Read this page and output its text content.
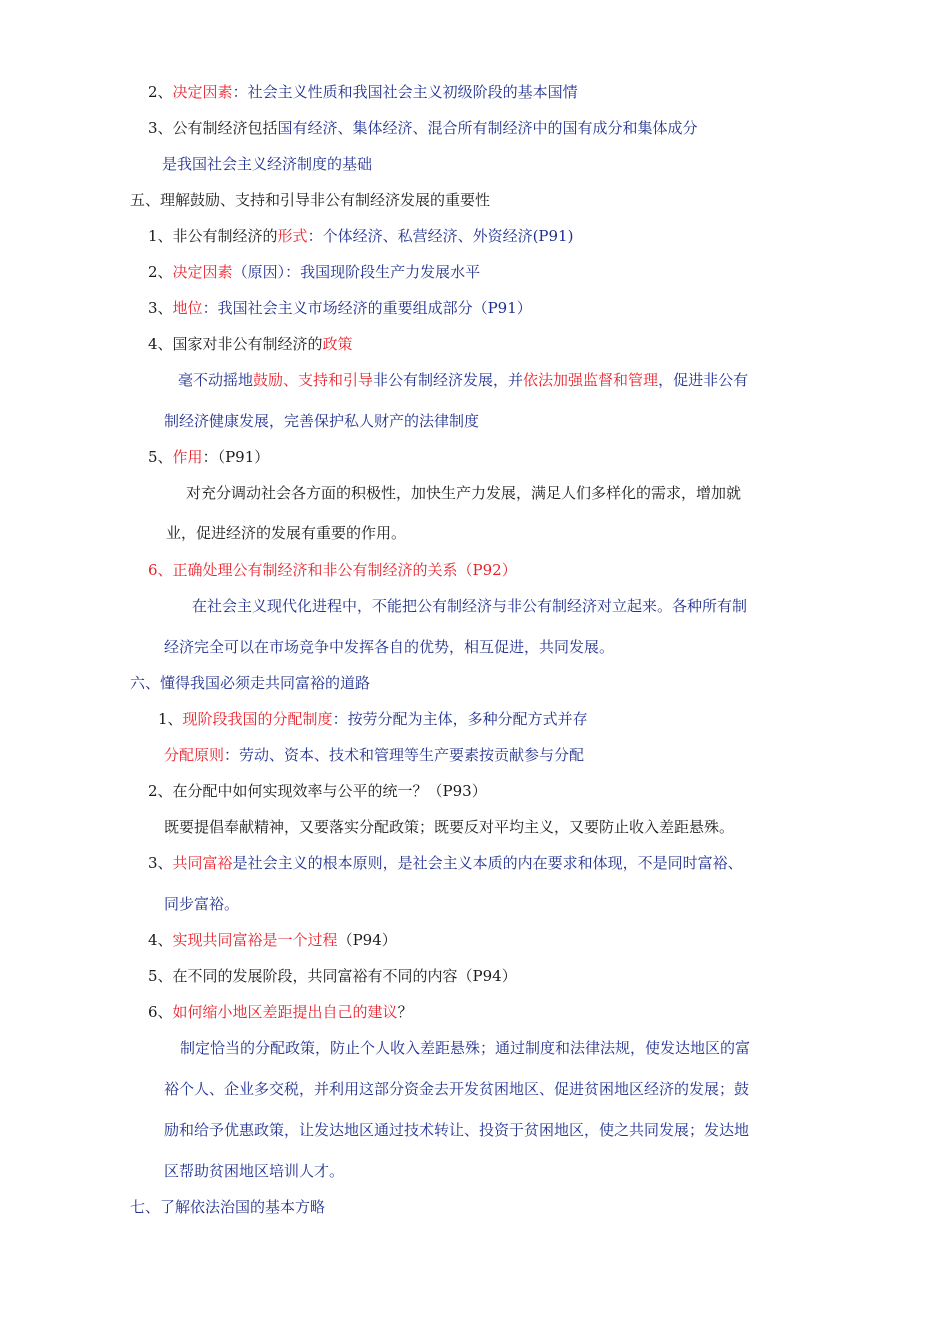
2、决定因素：社会主义性质和我国社会主义初级阶段的基本国情
3、公有制经济包括国有经济、集体经济、混合所有制经济中的国有成分和集体成分
是我国社会主义经济制度的基础
五、理解鼓励、支持和引导非公有制经济发展的重要性
1、非公有制经济的形式：个体经济、私营经济、外资经济(P91)
2、决定因素（原因）：我国现阶段生产力发展水平
3、地位：我国社会主义市场经济的重要组成部分（P91）
4、国家对非公有制经济的政策
毫不动摇地鼓励、支持和引导非公有制经济发展，并依法加强监督和管理，促进非公有
制经济健康发展，完善保护私人财产的法律制度
5、作用：（P91）
对充分调动社会各方面的积极性，加快生产力发展，满足人们多样化的需求，增加就
业，促进经济的发展有重要的作用。
6、正确处理公有制经济和非公有制经济的关系（P92）
在社会主义现代化进程中，不能把公有制经济与非公有制经济对立起来。各种所有制
经济完全可以在市场竞争中发挥各自的优势，相互促进，共同发展。
六、懂得我国必须走共同富裕的道路
1、现阶段我国的分配制度：按劳分配为主体，多种分配方式并存
分配原则：劳动、资本、技术和管理等生产要素按贡献参与分配
2、在分配中如何实现效率与公平的统一？（P93）
既要提倡奉献精神，又要落实分配政策；既要反对平均主义，又要防止收入差距悬殊。
3、共同富裕是社会主义的根本原则，是社会主义本质的内在要求和体现，不是同时富裕、
同步富裕。
4、实现共同富裕是一个过程（P94）
5、在不同的发展阶段，共同富裕有不同的内容（P94）
6、如何缩小地区差距提出自己的建议？
制定恰当的分配政策，防止个人收入差距悬殊；通过制度和法律法规，使发达地区的富
裕个人、企业多交税，并利用这部分资金去开发贫困地区、促进贫困地区经济的发展；鼓
励和给予优惠政策，让发达地区通过技术转让、投资于贫困地区，使之共同发展；发达地
区帮助贫困地区培训人才。
七、了解依法治国的基本方略
